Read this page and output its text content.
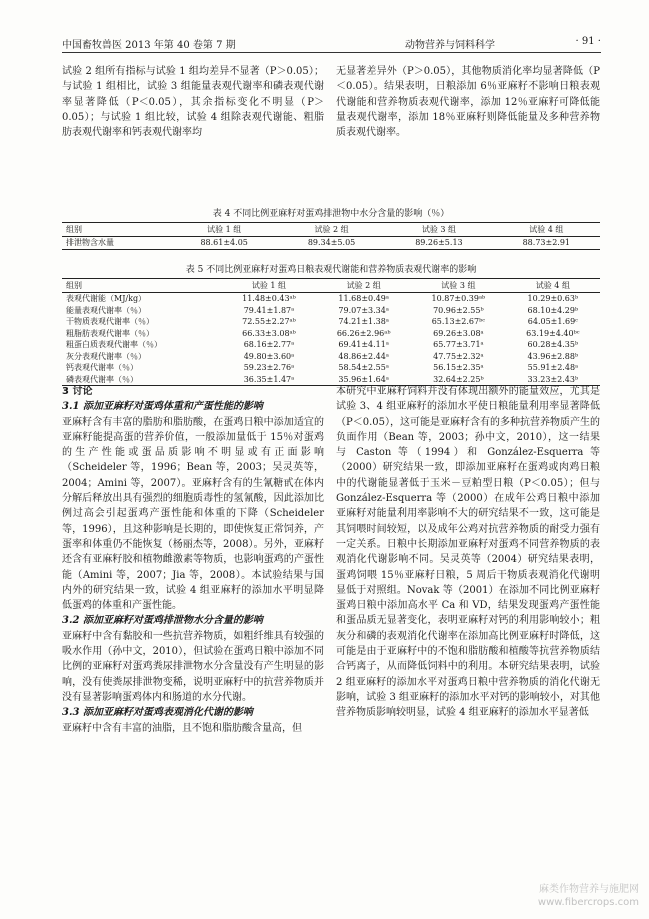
中国畜牧兽医 2013 年第 40 卷第 7 期	动物营养与饲料科学	· 91 ·
试验 2 组所有指标与试验 1 组均差异不显著（P＞0.05）；与试验 1 组相比，试验 3 组能量表观代谢率和磷表观代谢率显著降低（P＜0.05），其余指标变化不明显（P＞0.05）；与试验 1 组比较，试验 4 组除表观代谢能、粗脂肪表观代谢率和钙表观代谢率均
无显著差异外（P＞0.05），其他物质消化率均显著降低（P＜0.05）。结果表明，日粮添加 6％亚麻籽不影响日粮表观代谢能和营养物质表观代谢率，添加 12％亚麻籽可降低能量表观代谢率，添加 18％亚麻籽则降低能量及多种营养物质表观代谢率。
表 4 不同比例亚麻籽对蛋鸡排泄物中水分含量的影响（％）
组别	试验 1 组	试验 2 组	试验 3 组	试验 4 组
排泄物含水量	88.61±4.05	89.34±5.05	89.26±5.13	88.73±2.91
表 5 不同比例亚麻籽对蛋鸡日粮表观代谢能和营养物质表观代谢率的影响
组别	试验 1 组	试验 2 组	试验 3 组	试验 4 组
表观代谢能（MJ/kg）	11.48±0.43ᵃᵇ	11.68±0.49ᵃ	10.87±0.39ᵃᵇ	10.29±0.63ᵇ
能量表观代谢率（％）	79.41±1.87ᵃ	79.07±3.34ᵃ	70.96±2.55ᵇ	68.10±4.29ᵇ
干物质表观代谢率（％）	72.55±2.27ᵃᵇ	74.21±1.38ᵃ	65.13±2.67ᵇᶜ	64.05±1.69ᶜ
粗脂肪表观代谢率（％）	66.33±3.08ᵃᵇ	66.26±2.96ᵃᵇ	69.26±3.08ᵃ	63.19±4.40ᵇᶜ
粗蛋白质表观代谢率（％）	68.16±2.77ᵃ	69.41±4.11ᵃ	65.77±3.71ᵃ	60.28±4.35ᵇ
灰分表观代谢率（％）	49.80±3.60ᵃ	48.86±2.44ᵃ	47.75±2.32ᵃ	43.96±2.88ᵇ
钙表观代谢率（％）	59.23±2.76ᵃ	58.54±2.55ᵃ	56.15±2.35ᵃ	55.91±2.48ᵃ
磷表观代谢率（％）	36.35±1.47ᵃ	35.96±1.64ᵃ	32.64±2.25ᵇ	33.23±2.43ᵇ

3 讨论

3.1 添加亚麻籽对蛋鸡体重和产蛋性能的影响

亚麻籽含有丰富的脂肪和脂肪酸，在蛋鸡日粮中添加适宜的亚麻籽能提高蛋的营养价值，一般添加量低于 15％对蛋鸡的生产性能或蛋品质影响不明显或有正面影响（Scheideler 等，1996；Bean 等，2003；吴灵英等，2004；Amini 等，2007）。亚麻籽含有的生氰糖甙在体内分解后释放出具有强烈的细胞质毒性的氢氰酸，因此添加比例过高会引起蛋鸡产蛋性能和体重的下降（Scheideler 等，1996），且这种影响是长期的，即使恢复正常饲养，产蛋率和体重仍不能恢复（杨丽杰等，2008）。另外，亚麻籽还含有亚麻籽胶和植物雌激素等物质，也影响蛋鸡的产蛋性能（Amini 等，2007；Jia 等，2008）。本试验结果与国内外的研究结果一致，试验 4 组亚麻籽的添加水平明显降低蛋鸡的体重和产蛋性能。

3.2 添加亚麻籽对蛋鸡排泄物水分含量的影响

亚麻籽中含有黏胶和一些抗营养物质，如粗纤维具有较强的吸水作用（孙中文，2010），但试验在蛋鸡日粮中添加不同比例的亚麻籽对蛋鸡粪尿排泄物水分含量没有产生明显的影响，没有使粪尿排泄物变稀，说明亚麻籽中的抗营养物质并没有显著影响蛋鸡体内和肠道的水分代谢。

3.3 添加亚麻籽对蛋鸡表观消化代谢的影响

亚麻籽中含有丰富的油脂，且不饱和脂肪酸含量高，但

本研究中亚麻籽饲料并没有体现出额外的能量效应，尤其是试验 3、4 组亚麻籽的添加水平使日粮能量利用率显著降低（P＜0.05），这可能是亚麻籽含有的多种抗营养物质产生的负面作用（Bean 等，2003；孙中文，2010），这一结果与 Caston 等（1994）和 González-Esquerra 等（2000）研究结果一致，即添加亚麻籽在蛋鸡或肉鸡日粮中的代谢能显著低于玉米－豆粕型日粮（P＜0.05）；但与 González-Esquerra 等（2000）在成年公鸡日粮中添加亚麻籽对能量利用率影响不大的研究结果不一致，这可能是其饲喂时间较短，以及成年公鸡对抗营养物质的耐受力强有一定关系。日粮中长期添加亚麻籽对蛋鸡不同营养物质的表观消化代谢影响不同。吴灵英等（2004）研究结果表明，蛋鸡饲喂 15％亚麻籽日粮，5 周后干物质表观消化代谢明显低于对照组。Novak 等（2001）在添加不同比例亚麻籽蛋鸡日粮中添加高水平 Ca 和 VD，结果发现蛋鸡产蛋性能和蛋品质无显著变化，表明亚麻籽对钙的利用影响较小；粗灰分和磷的表观消化代谢率在添加高比例亚麻籽时降低，这可能是由于亚麻籽中的不饱和脂肪酸和植酸等抗营养物质结合钙离子，从而降低饲料中的利用。本研究结果表明，试验 2 组亚麻籽的添加水平对蛋鸡日粮中营养物质的消化代谢无影响，试验 3 组亚麻籽的添加水平对钙的影响较小，对其他营养物质影响较明显，试验 4 组亚麻籽的添加水平显著低
麻类作物营养与施肥网
www.fibercrops.com
